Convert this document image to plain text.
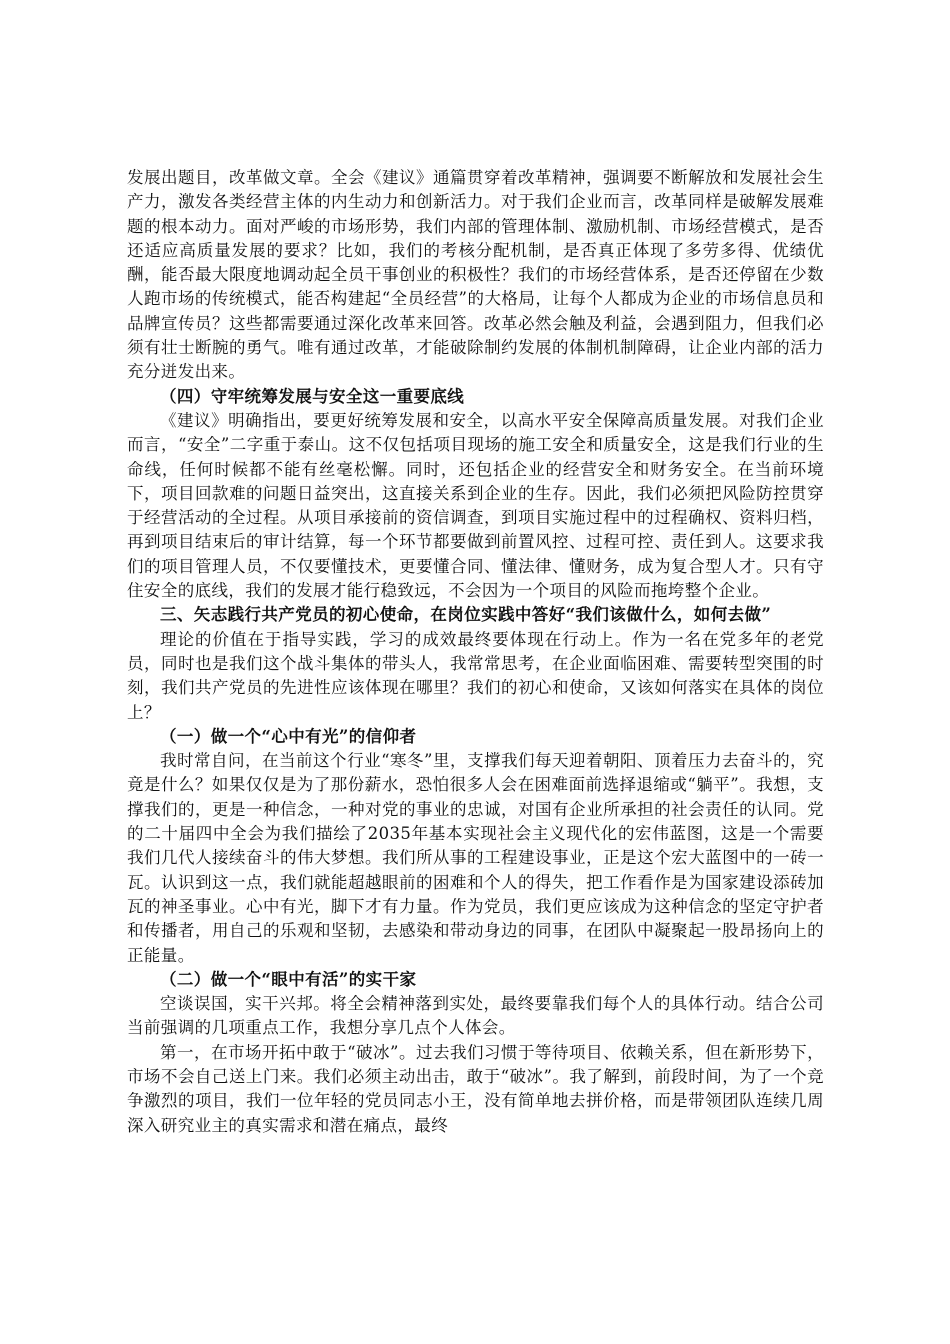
发展出题目，改革做文章。全会《建议》通篇贯穿着改革精神，强调要不断解放和发展社会生产力，激发各类经营主体的内生动力和创新活力。对于我们企业而言，改革同样是破解发展难题的根本动力。面对严峻的市场形势，我们内部的管理体制、激励机制、市场经营模式，是否还适应高质量发展的要求？比如，我们的考核分配机制，是否真正体现了多劳多得、优绩优酬，能否最大限度地调动起全员干事创业的积极性？我们的市场经营体系，是否还停留在少数人跑市场的传统模式，能否构建起“全员经营”的大格局，让每个人都成为企业的市场信息员和品牌宣传员？这些都需要通过深化改革来回答。改革必然会触及利益，会遇到阻力，但我们必须有壮士断腕的勇气。唯有通过改革，才能破除制约发展的体制机制障碍，让企业内部的活力充分迸发出来。

（四）守牢统筹发展与安全这一重要底线

《建议》明确指出，要更好统筹发展和安全，以高水平安全保障高质量发展。对我们企业而言，“安全”二字重于泰山。这不仅包括项目现场的施工安全和质量安全，这是我们行业的生命线，任何时候都不能有丝毫松懈。同时，还包括企业的经营安全和财务安全。在当前环境下，项目回款难的问题日益突出，这直接关系到企业的生存。因此，我们必须把风险防控贯穿于经营活动的全过程。从项目承接前的资信调查，到项目实施过程中的过程确权、资料归档，再到项目结束后的审计结算，每一个环节都要做到前置风控、过程可控、责任到人。这要求我们的项目管理人员，不仅要懂技术，更要懂合同、懂法律、懂财务，成为复合型人才。只有守住安全的底线，我们的发展才能行稳致远，不会因为一个项目的风险而拖垮整个企业。

三、矢志践行共产党员的初心使命，在岗位实践中答好“我们该做什么，如何去做”

理论的价值在于指导实践，学习的成效最终要体现在行动上。作为一名在党多年的老党员，同时也是我们这个战斗集体的带头人，我常常思考，在企业面临困难、需要转型突围的时刻，我们共产党员的先进性应该体现在哪里？我们的初心和使命，又该如何落实在具体的岗位上？

（一）做一个“心中有光”的信仰者

我时常自问，在当前这个行业“寒冬”里，支撑我们每天迎着朝阳、顶着压力去奋斗的，究竟是什么？如果仅仅是为了那份薪水，恐怕很多人会在困难面前选择退缩或“躺平”。我想，支撑我们的，更是一种信念，一种对党的事业的忠诚，对国有企业所承担的社会责任的认同。党的二十届四中全会为我们描绘了2035年基本实现社会主义现代化的宏伟蓝图，这是一个需要我们几代人接续奋斗的伟大梦想。我们所从事的工程建设事业，正是这个宏大蓝图中的一砖一瓦。认识到这一点，我们就能超越眼前的困难和个人的得失，把工作看作是为国家建设添砖加瓦的神圣事业。心中有光，脚下才有力量。作为党员，我们更应该成为这种信念的坚定守护者和传播者，用自己的乐观和坚韧，去感染和带动身边的同事，在团队中凝聚起一股昂扬向上的正能量。

（二）做一个“眼中有活”的实干家

空谈误国，实干兴邦。将全会精神落到实处，最终要靠我们每个人的具体行动。结合公司当前强调的几项重点工作，我想分享几点个人体会。

第一，在市场开拓中敢于“破冰”。过去我们习惯于等待项目、依赖关系，但在新形势下，市场不会自己送上门来。我们必须主动出击，敢于“破冰”。我了解到，前段时间，为了一个竞争激烈的项目，我们一位年轻的党员同志小王，没有简单地去拼价格，而是带领团队连续几周深入研究业主的真实需求和潜在痛点，最终
